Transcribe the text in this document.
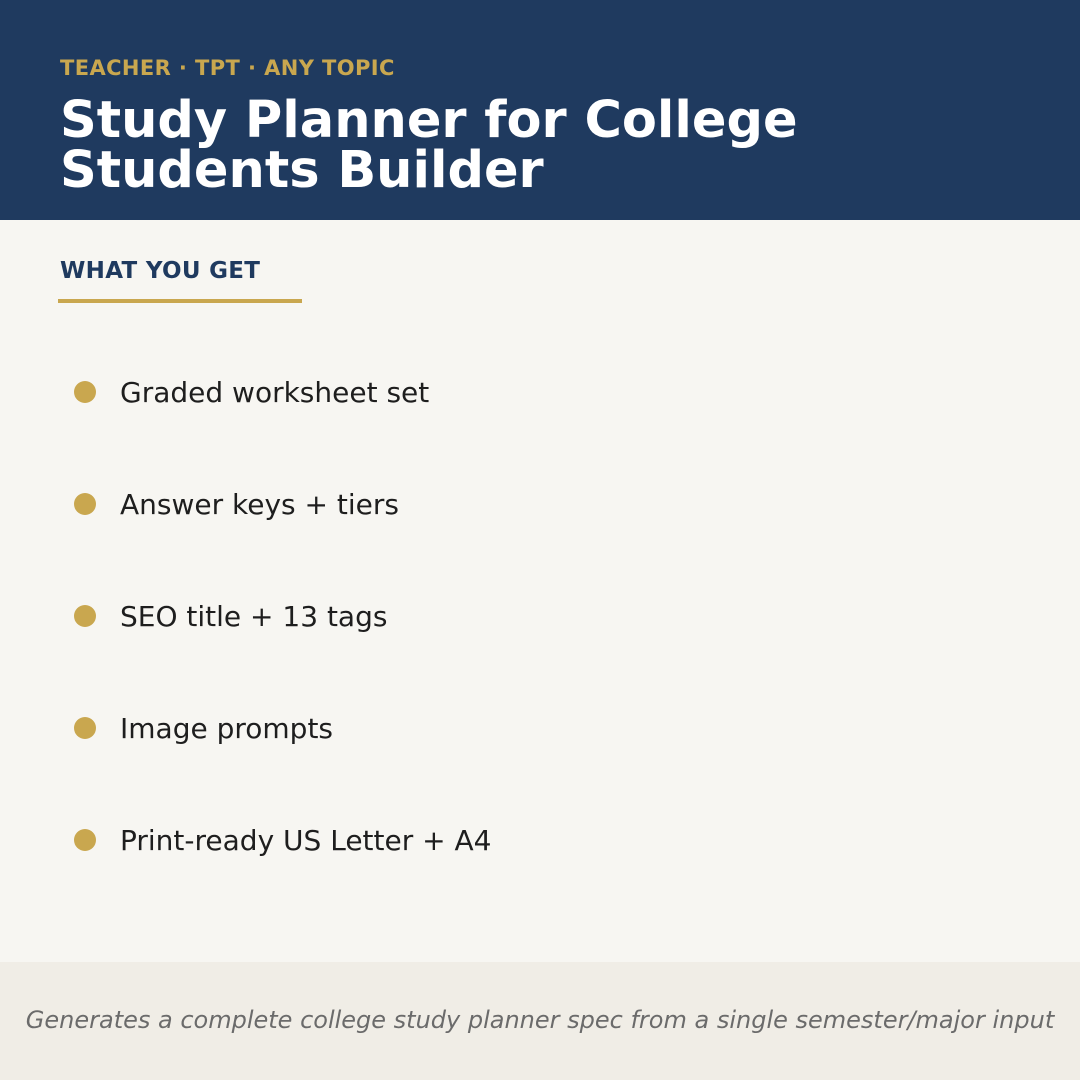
TEACHER · TPT · ANY TOPIC
Study Planner for College Students Builder
WHAT YOU GET
Graded worksheet set
Answer keys + tiers
SEO title + 13 tags
Image prompts
Print-ready US Letter + A4
Generates a complete college study planner spec from a single semester/major input
